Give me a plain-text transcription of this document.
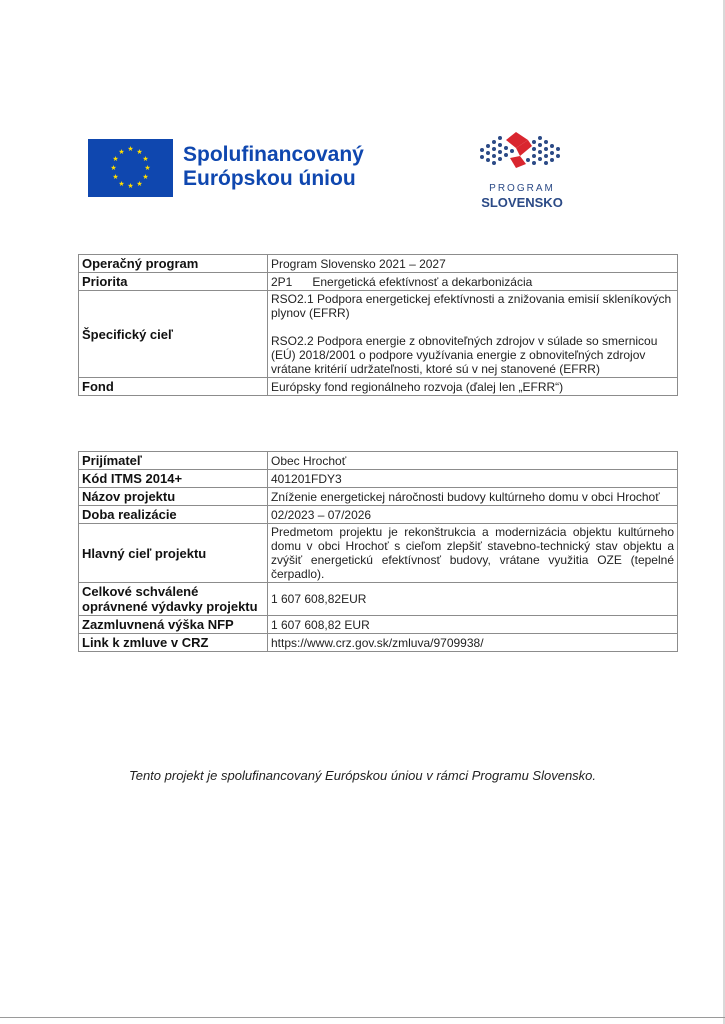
★ ★
★
★
★
★
★
★
★
★
★
★	Spolufinancovaný
Európskou úniou	PROGRAM
SLOVENSKO
Operačný program	Program Slovensko 2021 – 2027
Priorita	2P1      Energetická efektívnosť a dekarbonizácia
Špecifický cieľ	RSO2.1 Podpora energetickej efektívnosti a znižovania emisií skleníkových plynov (EFRR)
RSO2.2 Podpora energie z obnoviteľných zdrojov v súlade so smernicou (EÚ) 2018/2001 o podpore využívania energie z obnoviteľných zdrojov vrátane kritérií udržateľnosti, ktoré sú v nej stanovené (EFRR)

Fond	Európsky fond regionálneho rozvoja (ďalej len „EFRR“)
Prijímateľ	Obec Hrochoť
Kód ITMS 2014+	401201FDY3
Názov projektu	Zníženie energetickej náročnosti budovy kultúrneho domu v obci Hrochoť
Doba realizácie	02/2023 – 07/2026
Hlavný cieľ projektu	Predmetom projektu je rekonštrukcia a modernizácia objektu kultúrneho domu v obci Hrochoť s cieľom zlepšiť stavebno-technický stav objektu a zvýšiť energetickú efektívnosť budovy, vrátane využitia OZE (tepelné čerpadlo).
Celkové schválené oprávnené výdavky projektu	1 607 608,82EUR
Zazmluvnená výška NFP	1 607 608,82 EUR
Link k zmluve v CRZ	https://www.crz.gov.sk/zmluva/9709938/
Tento projekt je spolufinancovaný Európskou úniou v rámci Programu Slovensko.
